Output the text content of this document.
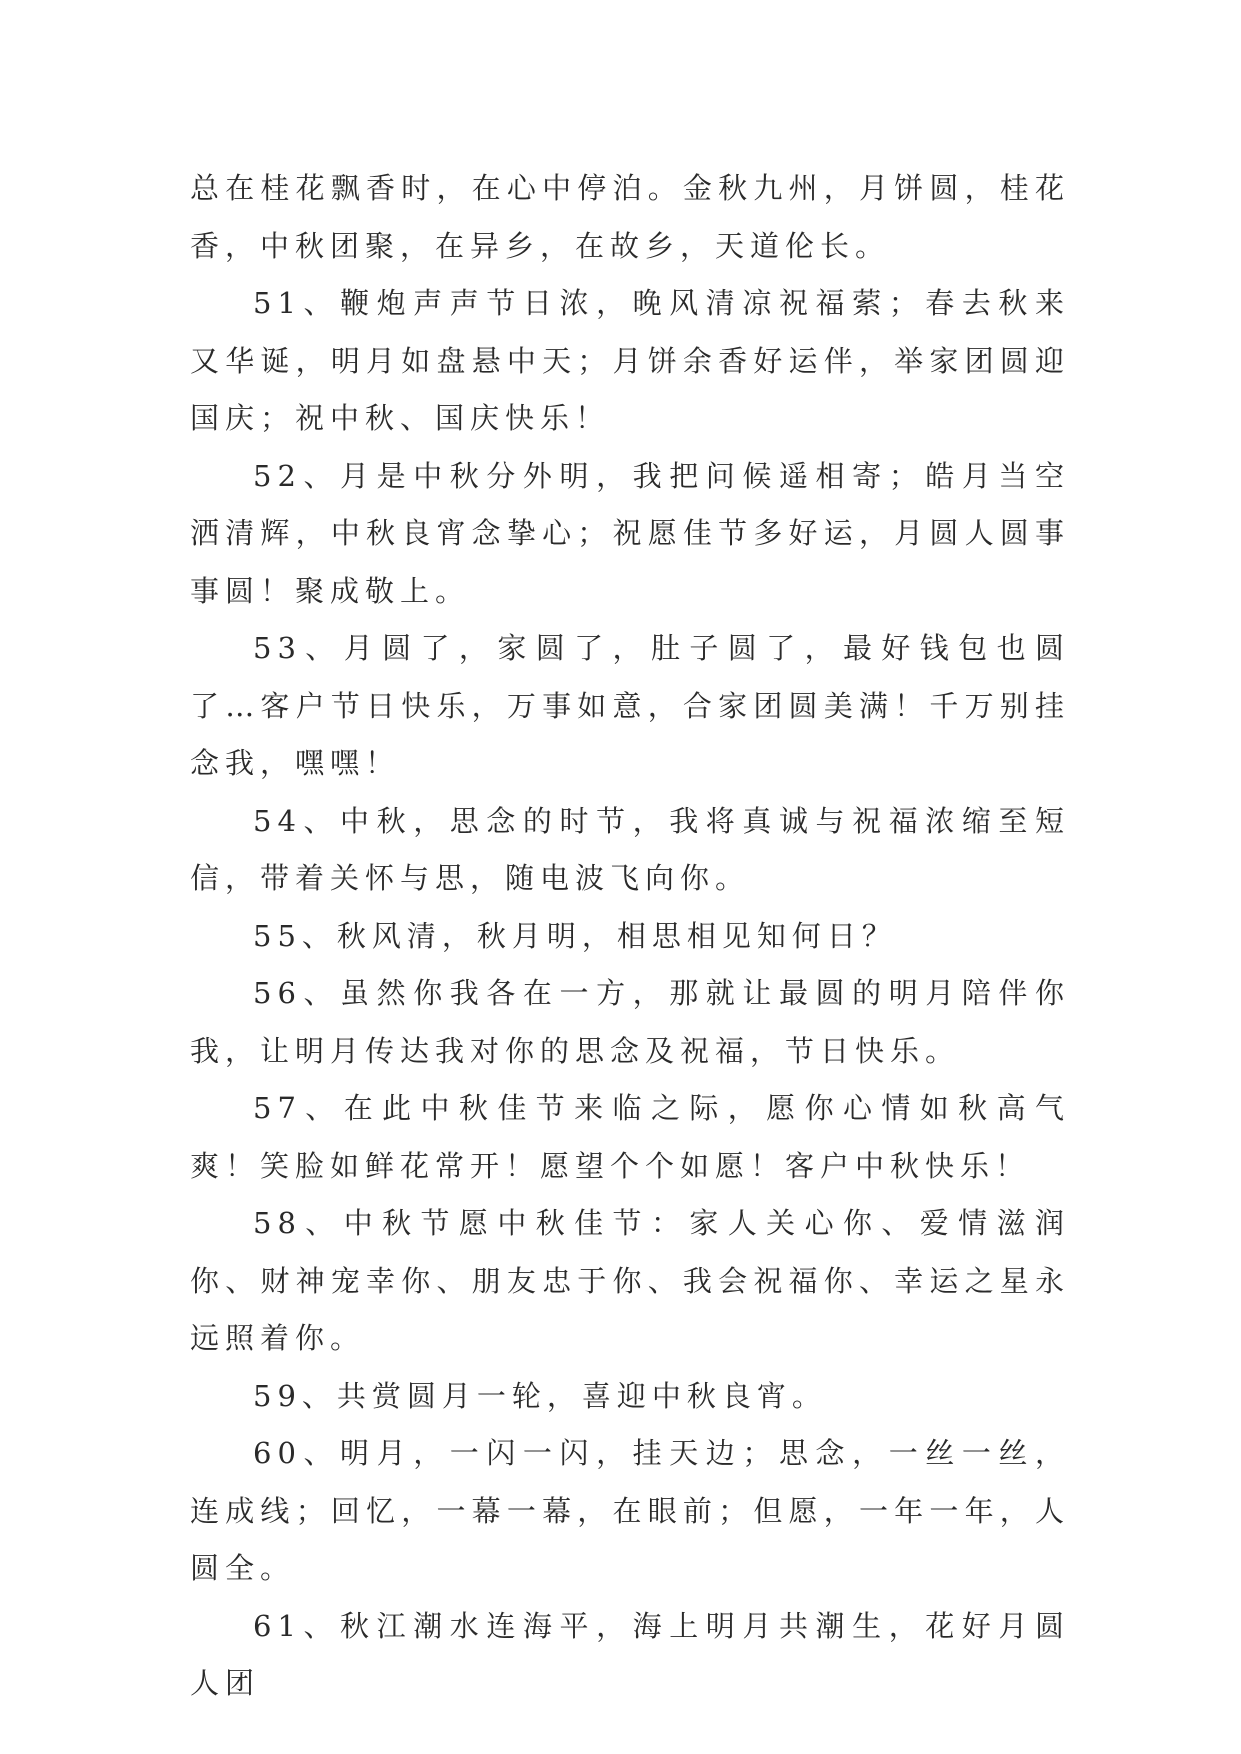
总在桂花飘香时，在心中停泊。金秋九州，月饼圆，桂花香，中秋团聚，在异乡，在故乡，天道伦长。

51、鞭炮声声节日浓，晚风清凉祝福萦；春去秋来又华诞，明月如盘悬中天；月饼余香好运伴，举家团圆迎国庆；祝中秋、国庆快乐！

52、月是中秋分外明，我把问候遥相寄；皓月当空洒清辉，中秋良宵念挚心；祝愿佳节多好运，月圆人圆事事圆！聚成敬上。

53、月圆了，家圆了，肚子圆了，最好钱包也圆了…客户节日快乐，万事如意，合家团圆美满！千万别挂念我，嘿嘿！

54、中秋，思念的时节，我将真诚与祝福浓缩至短信，带着关怀与思，随电波飞向你。

55、秋风清，秋月明，相思相见知何日？

56、虽然你我各在一方，那就让最圆的明月陪伴你我，让明月传达我对你的思念及祝福，节日快乐。

57、在此中秋佳节来临之际，愿你心情如秋高气爽！笑脸如鲜花常开！愿望个个如愿！客户中秋快乐！

58、中秋节愿中秋佳节：家人关心你、爱情滋润你、财神宠幸你、朋友忠于你、我会祝福你、幸运之星永远照着你。

59、共赏圆月一轮，喜迎中秋良宵。

60、明月，一闪一闪，挂天边；思念，一丝一丝，连成线；回忆，一幕一幕，在眼前；但愿，一年一年，人圆全。

61、秋江潮水连海平，海上明月共潮生，花好月圆人团
